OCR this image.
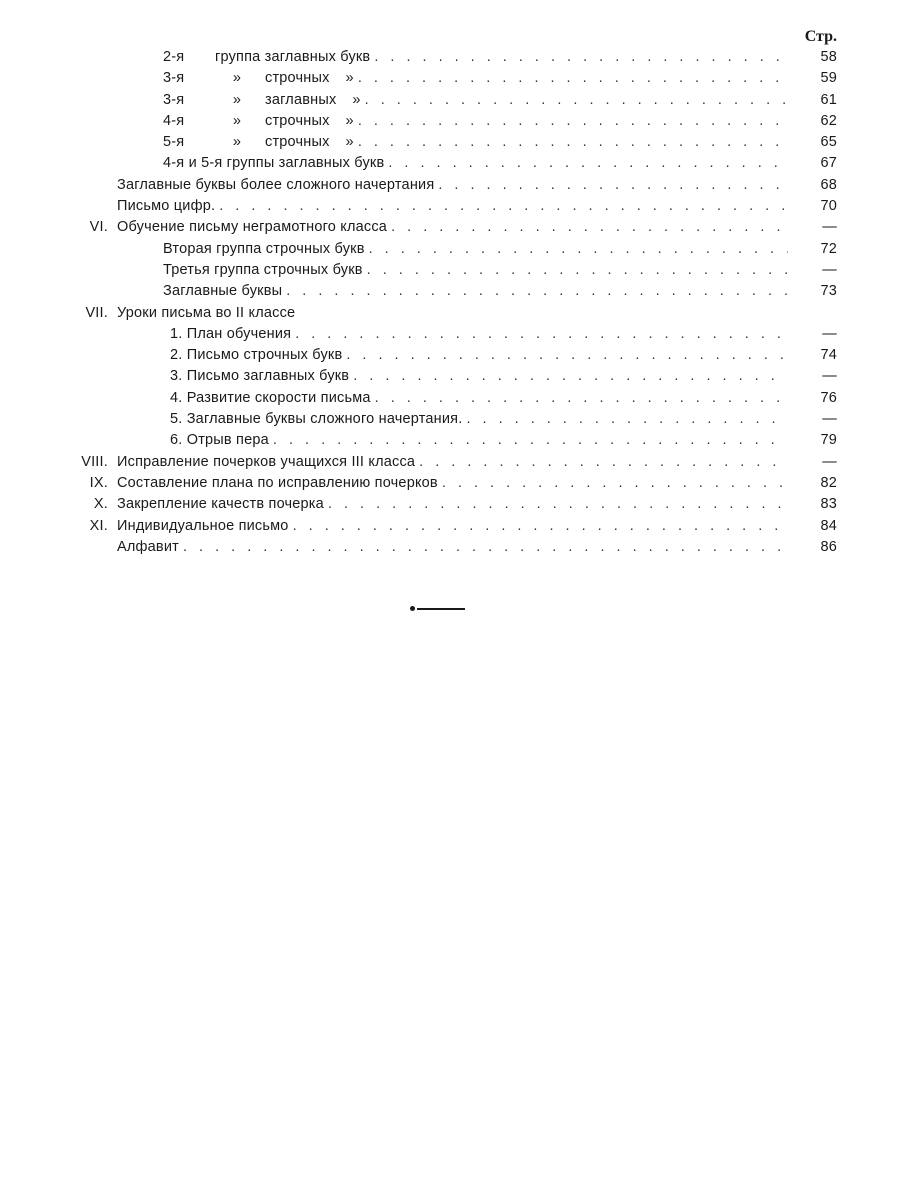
Стр.
2-я	группа заглавных букв . . .	58
3-я	»	строчных » . . .	59
3-я	»	заглавных » . . .	61
4-я	»	строчных » . . .	62
5-я	»	строчных » . . .	65
4-я и 5-я группы заглавных букв . . .	67
Заглавные буквы более сложного начертания . . .	68
Письмо цифр. . . .	70
VI. Обучение письму неграмотного класса . . .	—
Вторая группа строчных букв . . .	72
Третья группа строчных букв . . .	—
Заглавные буквы . . .	73
VII. Уроки письма во II классе
1. План обучения . . .	—
2. Письмо строчных букв . . .	74
3. Письмо заглавных букв . . .	—
4. Развитие скорости письма . . .	76
5. Заглавные буквы сложного начертания. . . .	—
6. Отрыв пера . . .	79
VIII. Исправление почерков учащихся III класса . . .	—
IX. Составление плана по исправлению почерков . . .	82
X. Закрепление качеств почерка . . .	83
XI. Индивидуальное письмо . . .	84
Алфавит . . .	86
